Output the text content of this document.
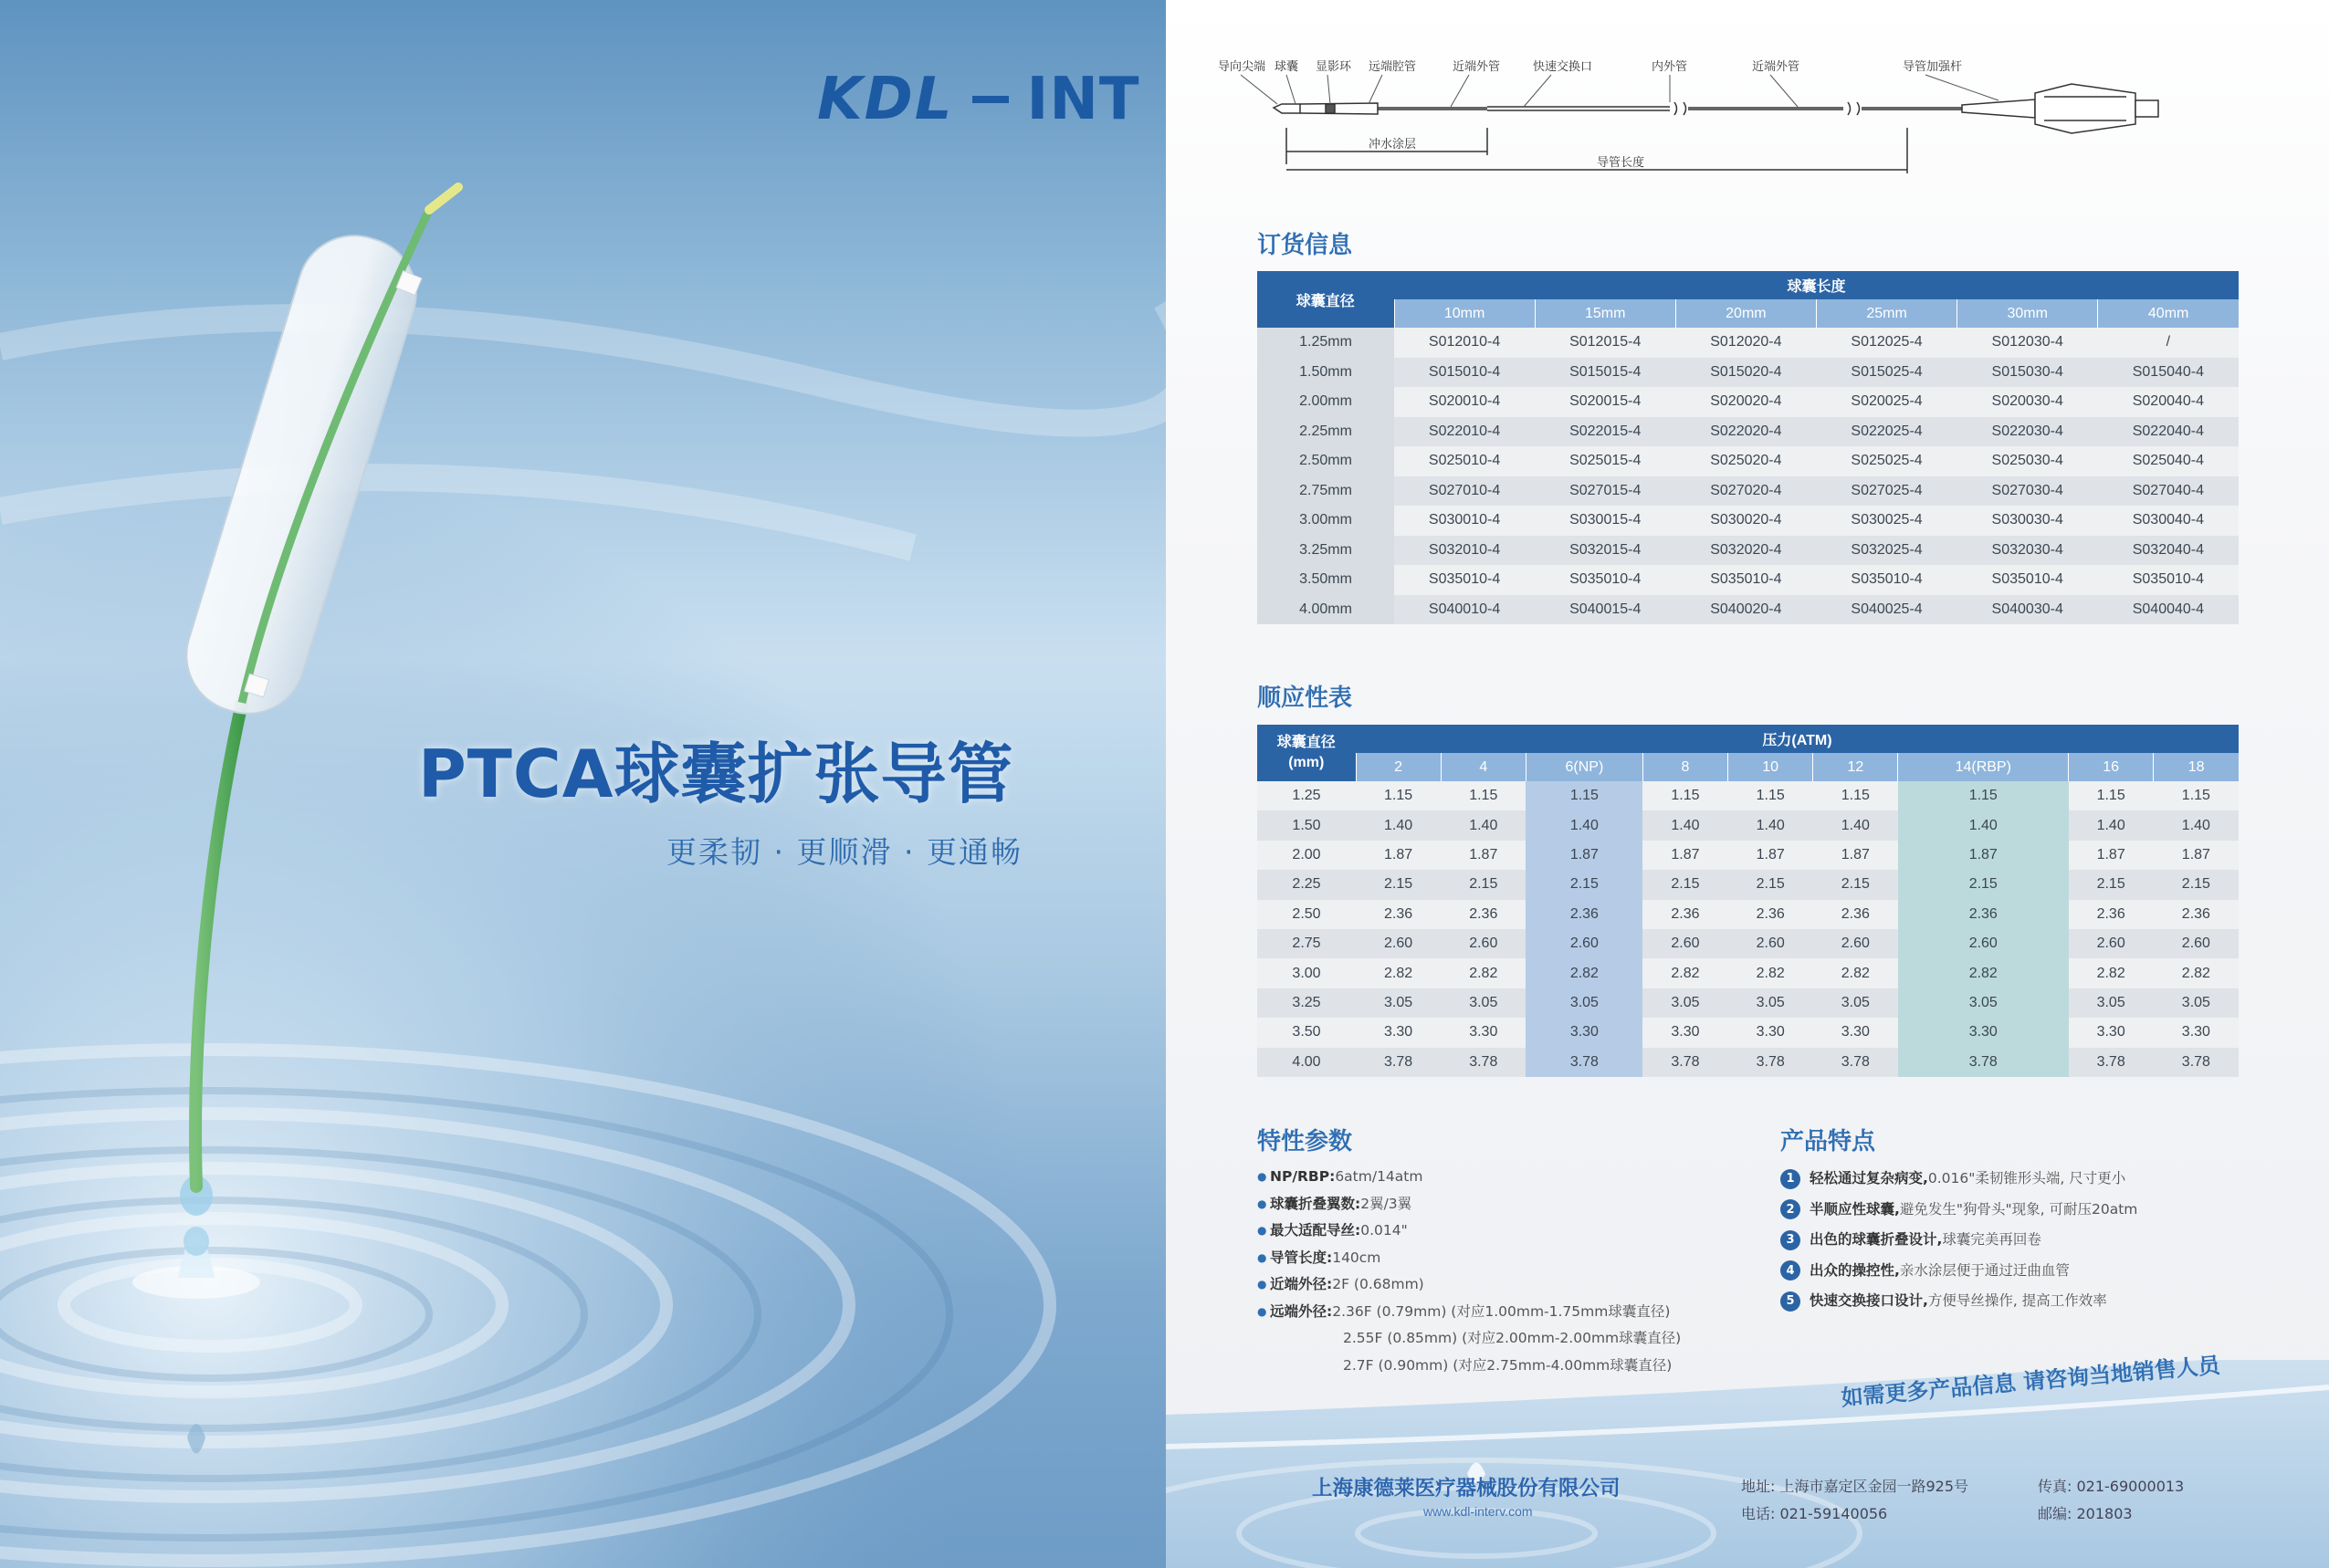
KDL INT
PTCA球囊扩张导管
更柔韧 · 更顺滑 · 更通畅
导向尖端 球囊 显影环 远端腔管	近端外管	快速交换口	内外管	近端外管	导管加强杆
冲水涂层
导管长度
订货信息
球囊直径	球囊长度					
	10mm	15mm	20mm	25mm	30mm	40mm
1.25mm	S012010-4	S012015-4	S012020-4	S012025-4	S012030-4	/
1.50mm	S015010-4	S015015-4	S015020-4	S015025-4	S015030-4	S015040-4
2.00mm	S020010-4	S020015-4	S020020-4	S020025-4	S020030-4	S020040-4
2.25mm	S022010-4	S022015-4	S022020-4	S022025-4	S022030-4	S022040-4
2.50mm	S025010-4	S025015-4	S025020-4	S025025-4	S025030-4	S025040-4
2.75mm	S027010-4	S027015-4	S027020-4	S027025-4	S027030-4	S027040-4
3.00mm	S030010-4	S030015-4	S030020-4	S030025-4	S030030-4	S030040-4
3.25mm	S032010-4	S032015-4	S032020-4	S032025-4	S032030-4	S032040-4
3.50mm	S035010-4	S035010-4	S035010-4	S035010-4	S035010-4	S035010-4
4.00mm	S040010-4	S040015-4	S040020-4	S040025-4	S040030-4	S040040-4
顺应性表
球囊直径
(mm)	压力(ATM)								
	2	4	6(NP)	8	10	12	14(RBP)	16	18
1.25	1.15	1.15	1.15	1.15	1.15	1.15	1.15	1.15	1.15
1.50	1.40	1.40	1.40	1.40	1.40	1.40	1.40	1.40	1.40
2.00	1.87	1.87	1.87	1.87	1.87	1.87	1.87	1.87	1.87
2.25	2.15	2.15	2.15	2.15	2.15	2.15	2.15	2.15	2.15
2.50	2.36	2.36	2.36	2.36	2.36	2.36	2.36	2.36	2.36
2.75	2.60	2.60	2.60	2.60	2.60	2.60	2.60	2.60	2.60
3.00	2.82	2.82	2.82	2.82	2.82	2.82	2.82	2.82	2.82
3.25	3.05	3.05	3.05	3.05	3.05	3.05	3.05	3.05	3.05
3.50	3.30	3.30	3.30	3.30	3.30	3.30	3.30	3.30	3.30
4.00	3.78	3.78	3.78	3.78	3.78	3.78	3.78	3.78	3.78
特性参数
● NP/RBP: 6atm/14atm
● 球囊折叠翼数: 2翼/3翼
● 最大适配导丝: 0.014"
● 导管长度: 140cm
● 近端外径: 2F (0.68mm)
● 远端外径: 2.36F (0.79mm) (对应1.00mm-1.75mm球囊直径)
2.55F (0.85mm) (对应2.00mm-2.00mm球囊直径)
2.7F (0.90mm) (对应2.75mm-4.00mm球囊直径)
产品特点
1	轻松通过复杂病变, 0.016"柔韧锥形头端, 尺寸更小
2	半顺应性球囊, 避免发生"狗骨头"现象, 可耐压20atm
3	出色的球囊折叠设计, 球囊完美再回卷
4	出众的操控性, 亲水涂层便于通过迂曲血管
5	快速交换接口设计, 方便导丝操作, 提高工作效率
如需更多产品信息 请咨询当地销售人员
上海康德莱医疗器械股份有限公司
www.kdl-interv.com
地址: 上海市嘉定区金园一路925号
电话: 021-59140056
传真: 021-69000013
邮编: 201803
